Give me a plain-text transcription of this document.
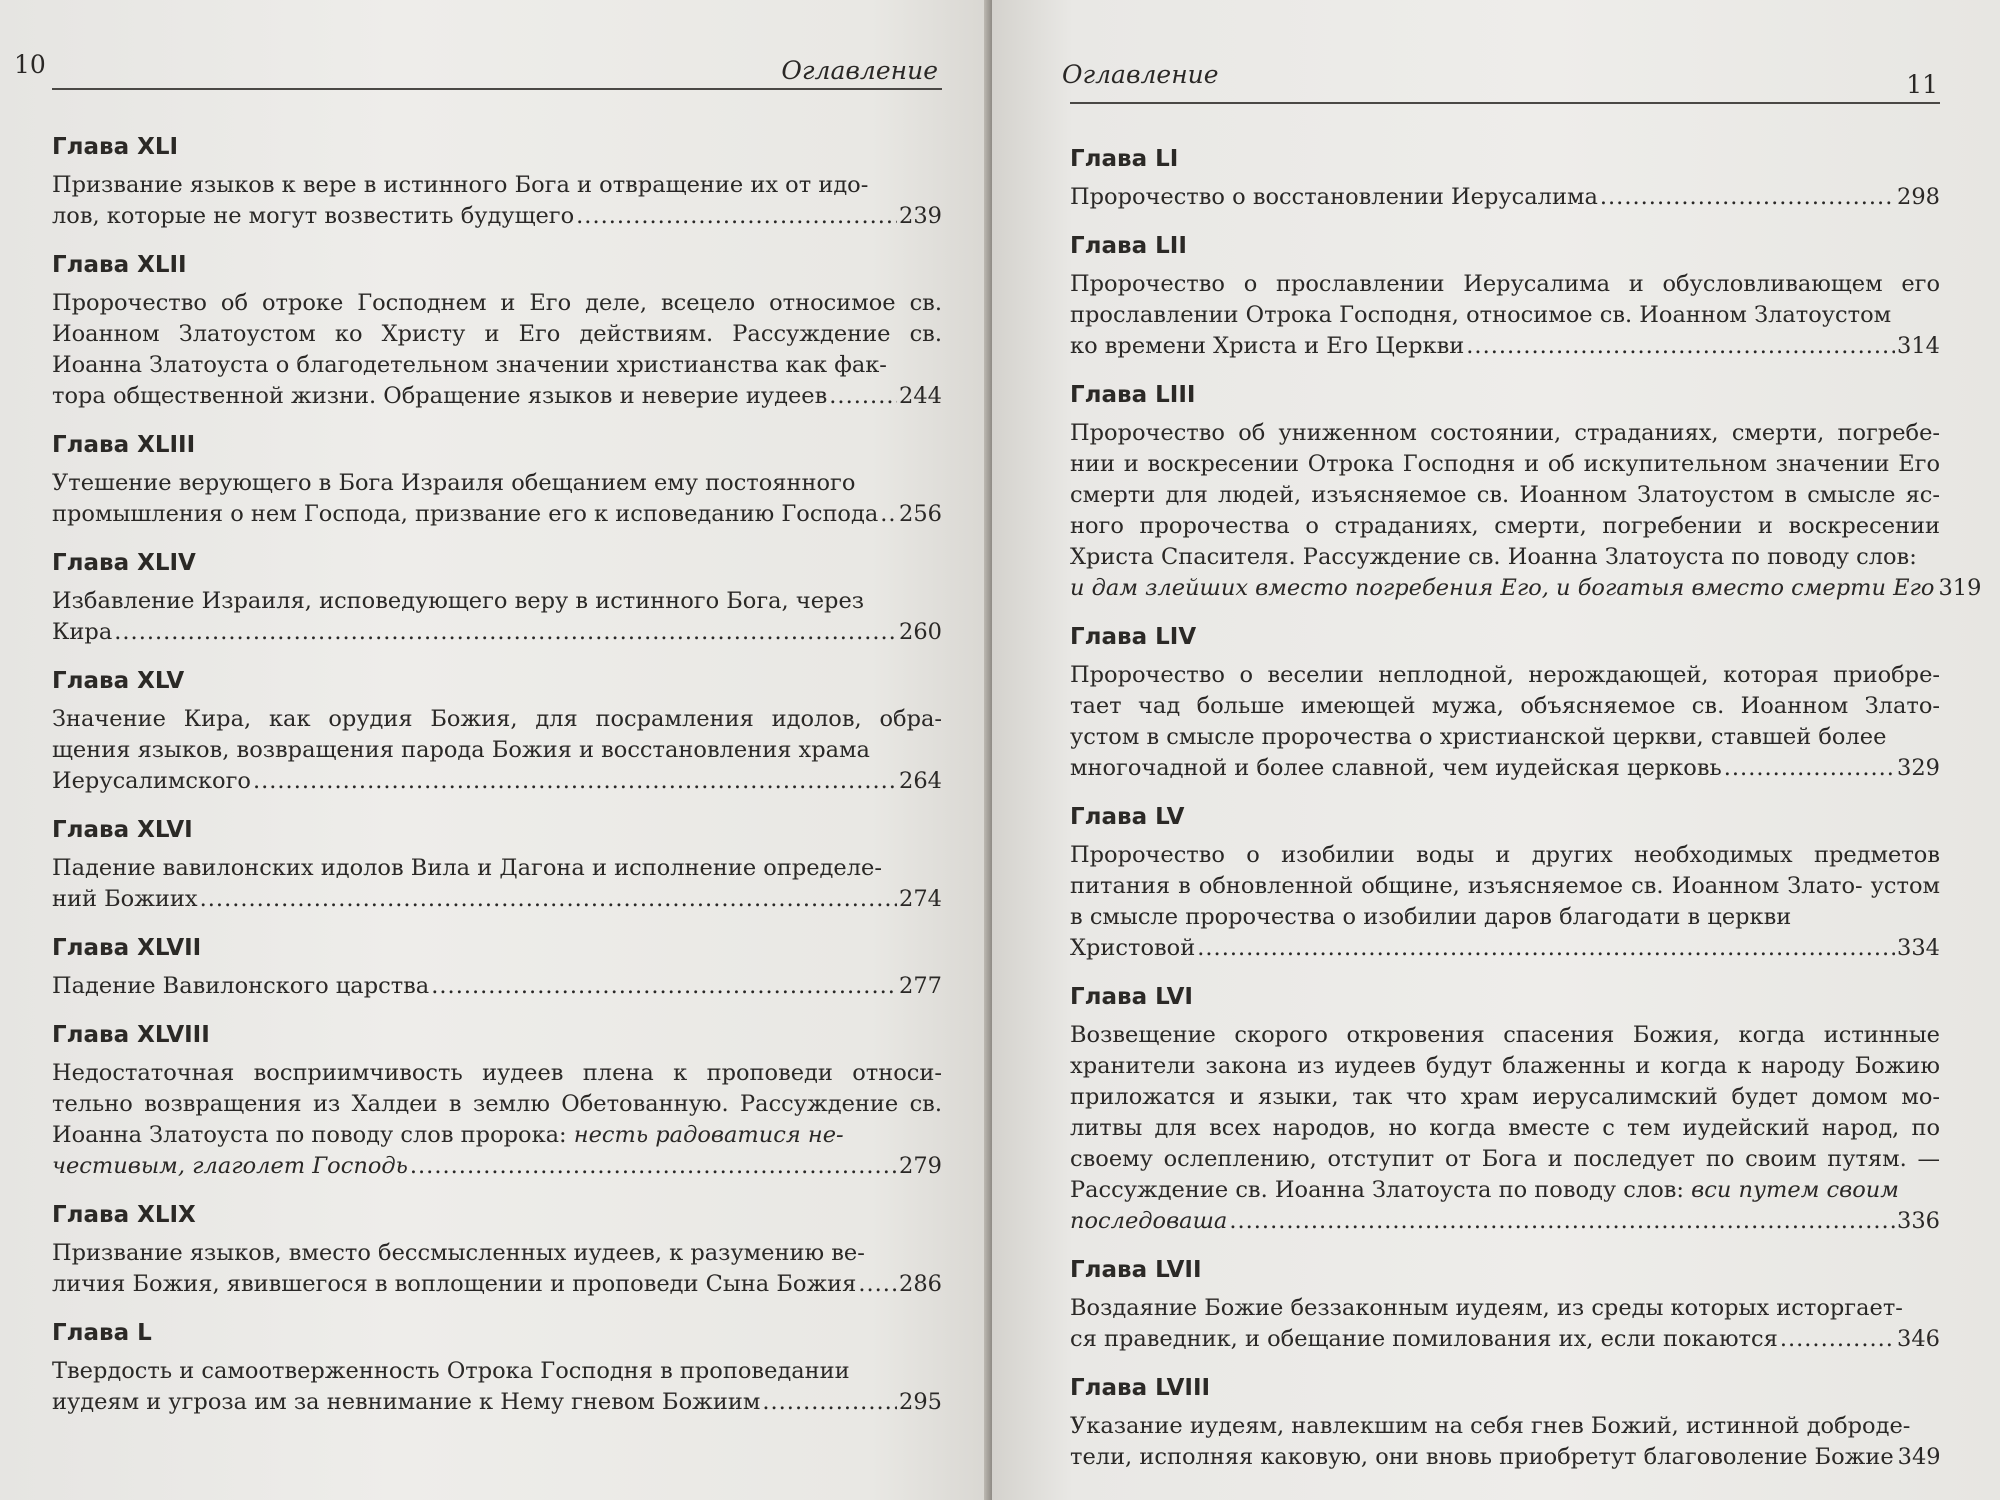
10	Оглавление
Глава XLI
Призвание языков к вере в истинного Бога и отвращение их от идо-
лов, которые не могут возвестить будущего .....	239
Глава XLII
Пророчество об отроке Господнем и Его деле, всецело относимое св. Иоанном Златоустом ко Христу и Его действиям. Рассуждение св. Иоанна Златоуста о благодетельном значении христианства как фак-
тора общественной жизни. Обращение языков и неверие иудеев .....	244
Глава XLIII
Утешение верующего в Бога Израиля обещанием ему постоянного
промышления о нем Господа, призвание его к исповеданию Господа ..... 256
Глава XLIV
Избавление Израиля, исповедующего веру в истинного Бога, через
Кира .....	260
Глава XLV
Значение Кира, как орудия Божия, для посрамления идолов, обра- щения языков, возвращения парода Божия и восстановления храма
Иерусалимского .....	264
Глава XLVI
Падение вавилонских идолов Вила и Дагона и исполнение определе-
ний Божиих .....	274
Глава XLVII
Падение Вавилонского царства .....	277
Глава XLVIII
Недостаточная восприимчивость иудеев плена к проповеди относи- тельно возвращения из Халдеи в землю Обетованную. Рассуждение св. Иоанна Златоуста по поводу слов пророка: несть радоватися не-
честивым, глаголет Господь .....	279
Глава XLIX
Призвание языков, вместо бессмысленных иудеев, к разумению ве-
личия Божия, явившегося в воплощении и проповеди Сына Божия ..... 286
Глава L
Твердость и самоотверженность Отрока Господня в проповедании
иудеям и угроза им за невнимание к Нему гневом Божиим .....	295
Оглавление	11
Глава LI
Пророчество о восстановлении Иерусалима .....	298
Глава LII
Пророчество о прославлении Иерусалима и обусловливающем его прославлении Отрока Господня, относимое св. Иоанном Златоустом
ко времени Христа и Его Церкви .....	314
Глава LIII
Пророчество об униженном состоянии, страданиях, смерти, погребе- нии и воскресении Отрока Господня и об искупительном значении Его смерти для людей, изъясняемое св. Иоанном Златоустом в смысле яс- ного пророчества о страданиях, смерти, погребении и воскресении Христа Спасителя. Рассуждение св. Иоанна Златоуста по поводу слов:
и дам злейших вместо погребения Его, и богатыя вместо смерти Его 319
Глава LIV
Пророчество о веселии неплодной, нерождающей, которая приобре- тает чад больше имеющей мужа, объясняемое св. Иоанном Злато- устом в смысле пророчества о христианской церкви, ставшей более
многочадной и более славной, чем иудейская церковь .....	329
Глава LV
Пророчество о изобилии воды и других необходимых предметов питания в обновленной общине, изъясняемое св. Иоанном Злато- устом в смысле пророчества о изобилии даров благодати в церкви
Христовой .....	334
Глава LVI
Возвещение скорого откровения спасения Божия, когда истинные хранители закона из иудеев будут блаженны и когда к народу Божию приложатся и языки, так что храм иерусалимский будет домом мо- литвы для всех народов, но когда вместе с тем иудейский народ, по своему ослеплению, отступит от Бога и последует по своим путям. — Рассуждение св. Иоанна Златоуста по поводу слов: вси путем своим
последоваша .....	336
Глава LVII
Воздаяние Божие беззаконным иудеям, из среды которых исторгает-
ся праведник, и обещание помилования их, если покаются .....	346
Глава LVIII
Указание иудеям, навлекшим на себя гнев Божий, истинной доброде-
тели, исполняя каковую, они вновь приобретут благоволение Божие 349
